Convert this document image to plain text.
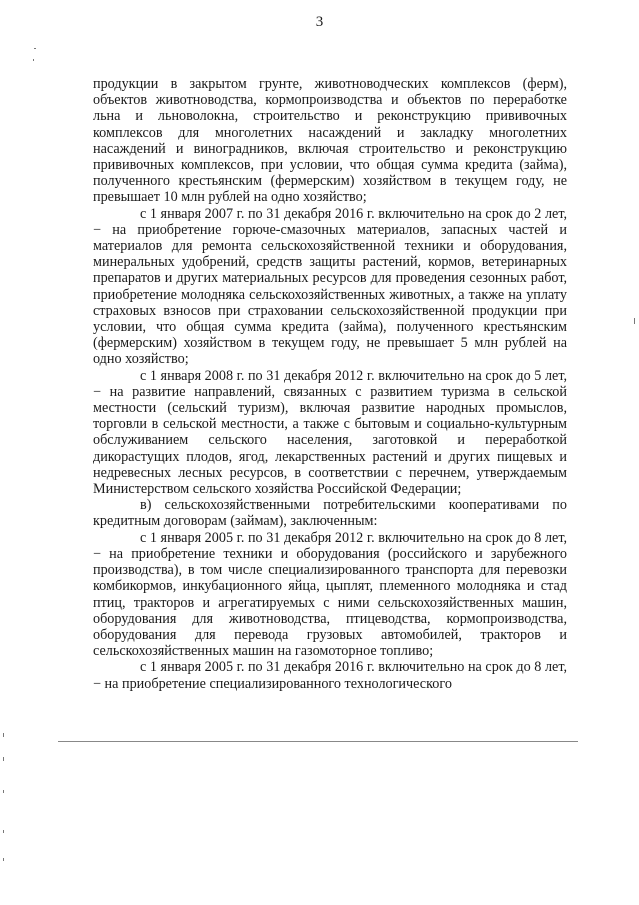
3

продукции в закрытом грунте, животноводческих комплексов (ферм), объектов животноводства, кормопроизводства и объектов по переработке льна и льноволокна, строительство и реконструкцию прививочных комплексов для многолетних насаждений и закладку многолетних насаждений и виноградников, включая строительство и реконструкцию прививочных комплексов, при условии, что общая сумма кредита (займа), полученного крестьянским (фермерским) хозяйством в текущем году, не превышает 10 млн рублей на одно хозяйство;

с 1 января 2007 г. по 31 декабря 2016 г. включительно на срок до 2 лет, − на приобретение горюче-смазочных материалов, запасных частей и материалов для ремонта сельскохозяйственной техники и оборудования, минеральных удобрений, средств защиты растений, кормов, ветеринарных препаратов и других материальных ресурсов для проведения сезонных работ, приобретение молодняка сельскохозяйственных животных, а также на уплату страховых взносов при страховании сельскохозяйственной продукции при условии, что общая сумма кредита (займа), полученного крестьянским (фермерским) хозяйством в текущем году, не превышает 5 млн рублей на одно хозяйство;

с 1 января 2008 г. по 31 декабря 2012 г. включительно на срок до 5 лет, − на развитие направлений, связанных с развитием туризма в сельской местности (сельский туризм), включая развитие народных промыслов, торговли в сельской местности, а также с бытовым и социально-культурным обслуживанием сельского населения, заготовкой и переработкой дикорастущих плодов, ягод, лекарственных растений и других пищевых и недревесных лесных ресурсов, в соответствии с перечнем, утверждаемым Министерством сельского хозяйства Российской Федерации;

в) сельскохозяйственными потребительскими кооперативами по кредитным договорам (займам), заключенным:

с 1 января 2005 г. по 31 декабря 2012 г. включительно на срок до 8 лет, − на приобретение техники и оборудования (российского и зарубежного производства), в том числе специализированного транспорта для перевозки комбикормов, инкубационного яйца, цыплят, племенного молодняка и стад птиц, тракторов и агрегатируемых с ними сельскохозяйственных машин, оборудования для животноводства, птицеводства, кормопроизводства, оборудования для перевода грузовых автомобилей, тракторов и сельскохозяйственных машин на газомоторное топливо;

с 1 января 2005 г. по 31 декабря 2016 г. включительно на срок до 8 лет, − на приобретение специализированного технологического
